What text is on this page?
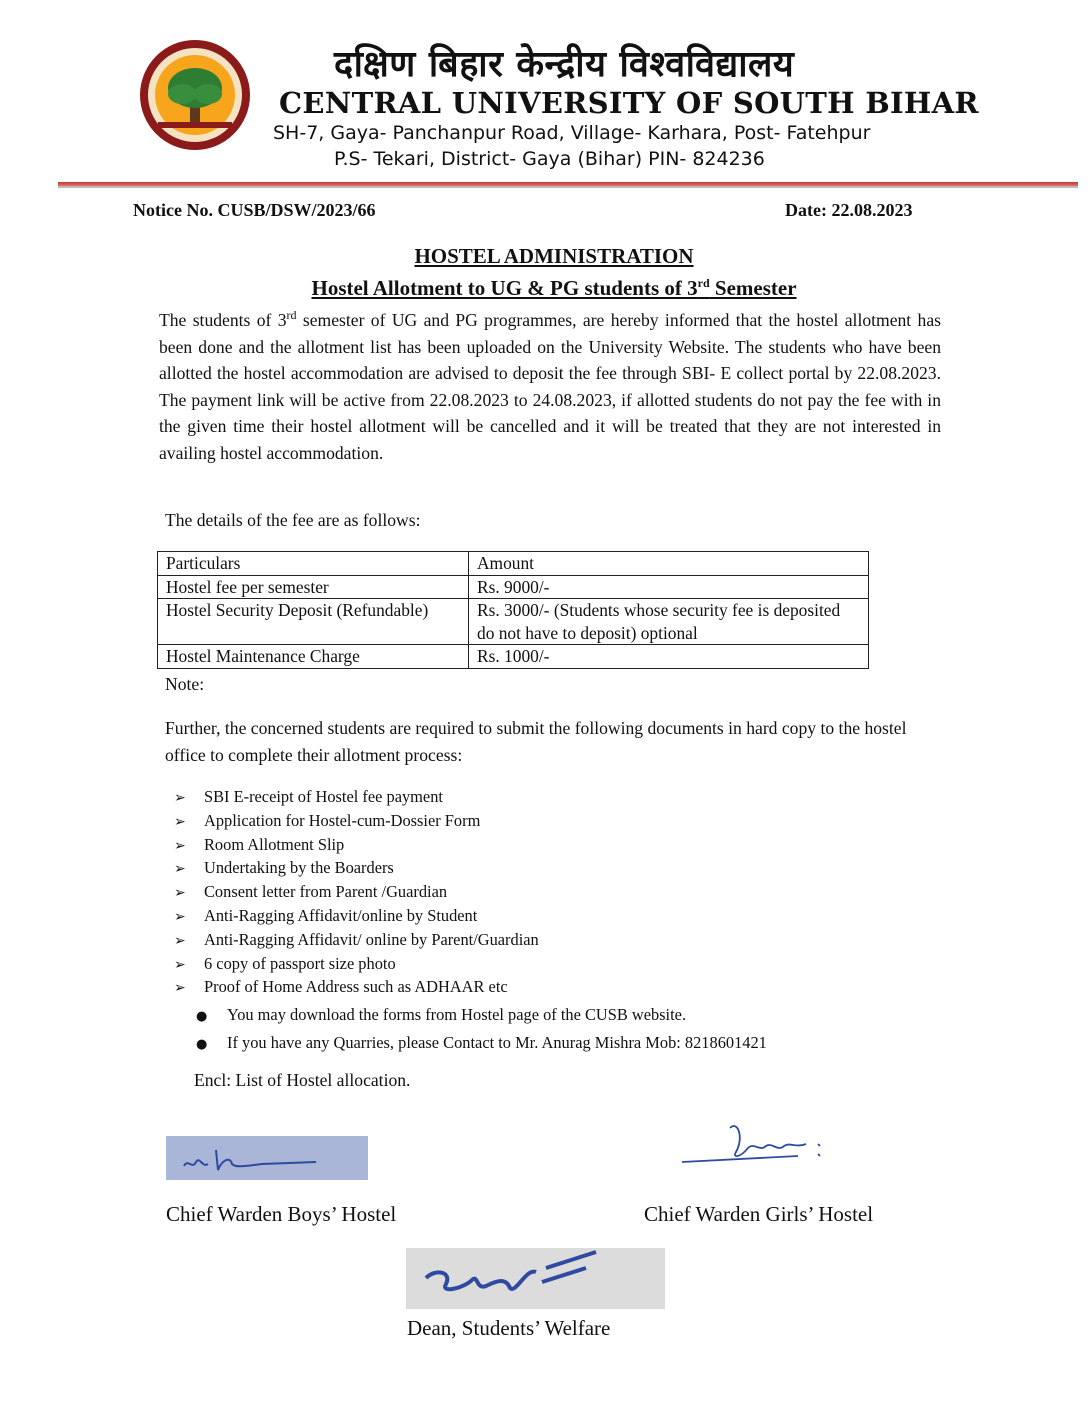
दक्षिण बिहार केन्द्रीय विश्वविद्यालय
CENTRAL UNIVERSITY OF SOUTH BIHAR
SH-7, Gaya- Panchanpur Road, Village- Karhara, Post- Fatehpur
P.S- Tekari, District- Gaya (Bihar) PIN- 824236
Notice No. CUSB/DSW/2023/66	Date: 22.08.2023
HOSTEL ADMINISTRATION
Hostel Allotment to UG & PG students of 3rd Semester
The students of 3rd semester of UG and PG programmes, are hereby informed that the hostel allotment has been done and the allotment list has been uploaded on the University Website. The students who have been allotted the hostel accommodation are advised to deposit the fee through SBI- E collect portal by 22.08.2023. The payment link will be active from 22.08.2023 to 24.08.2023, if allotted students do not pay the fee with in the given time their hostel allotment will be cancelled and it will be treated that they are not interested in availing hostel accommodation.
The details of the fee are as follows:
Particulars	Amount
Hostel fee per semester	Rs. 9000/-
Hostel Security Deposit (Refundable)	Rs. 3000/- (Students whose security fee is deposited do not have to deposit) optional
Hostel Maintenance Charge	Rs. 1000/-
Note:
Further, the concerned students are required to submit the following documents in hard copy to the hostel office to complete their allotment process:
➢ SBI E-receipt of Hostel fee payment
➢ Application for Hostel-cum-Dossier Form
➢ Room Allotment Slip
➢ Undertaking by the Boarders
➢ Consent letter from Parent /Guardian
➢ Anti-Ragging Affidavit/online by Student
➢ Anti-Ragging Affidavit/ online by Parent/Guardian
➢ 6 copy of passport size photo
➢ Proof of Home Address such as ADHAAR etc
● You may download the forms from Hostel page of the CUSB website.
● If you have any Quarries, please Contact to Mr. Anurag Mishra Mob: 8218601421
Encl: List of Hostel allocation.
Chief Warden Boys’ Hostel	Chief Warden Girls’ Hostel
Dean, Students’ Welfare
